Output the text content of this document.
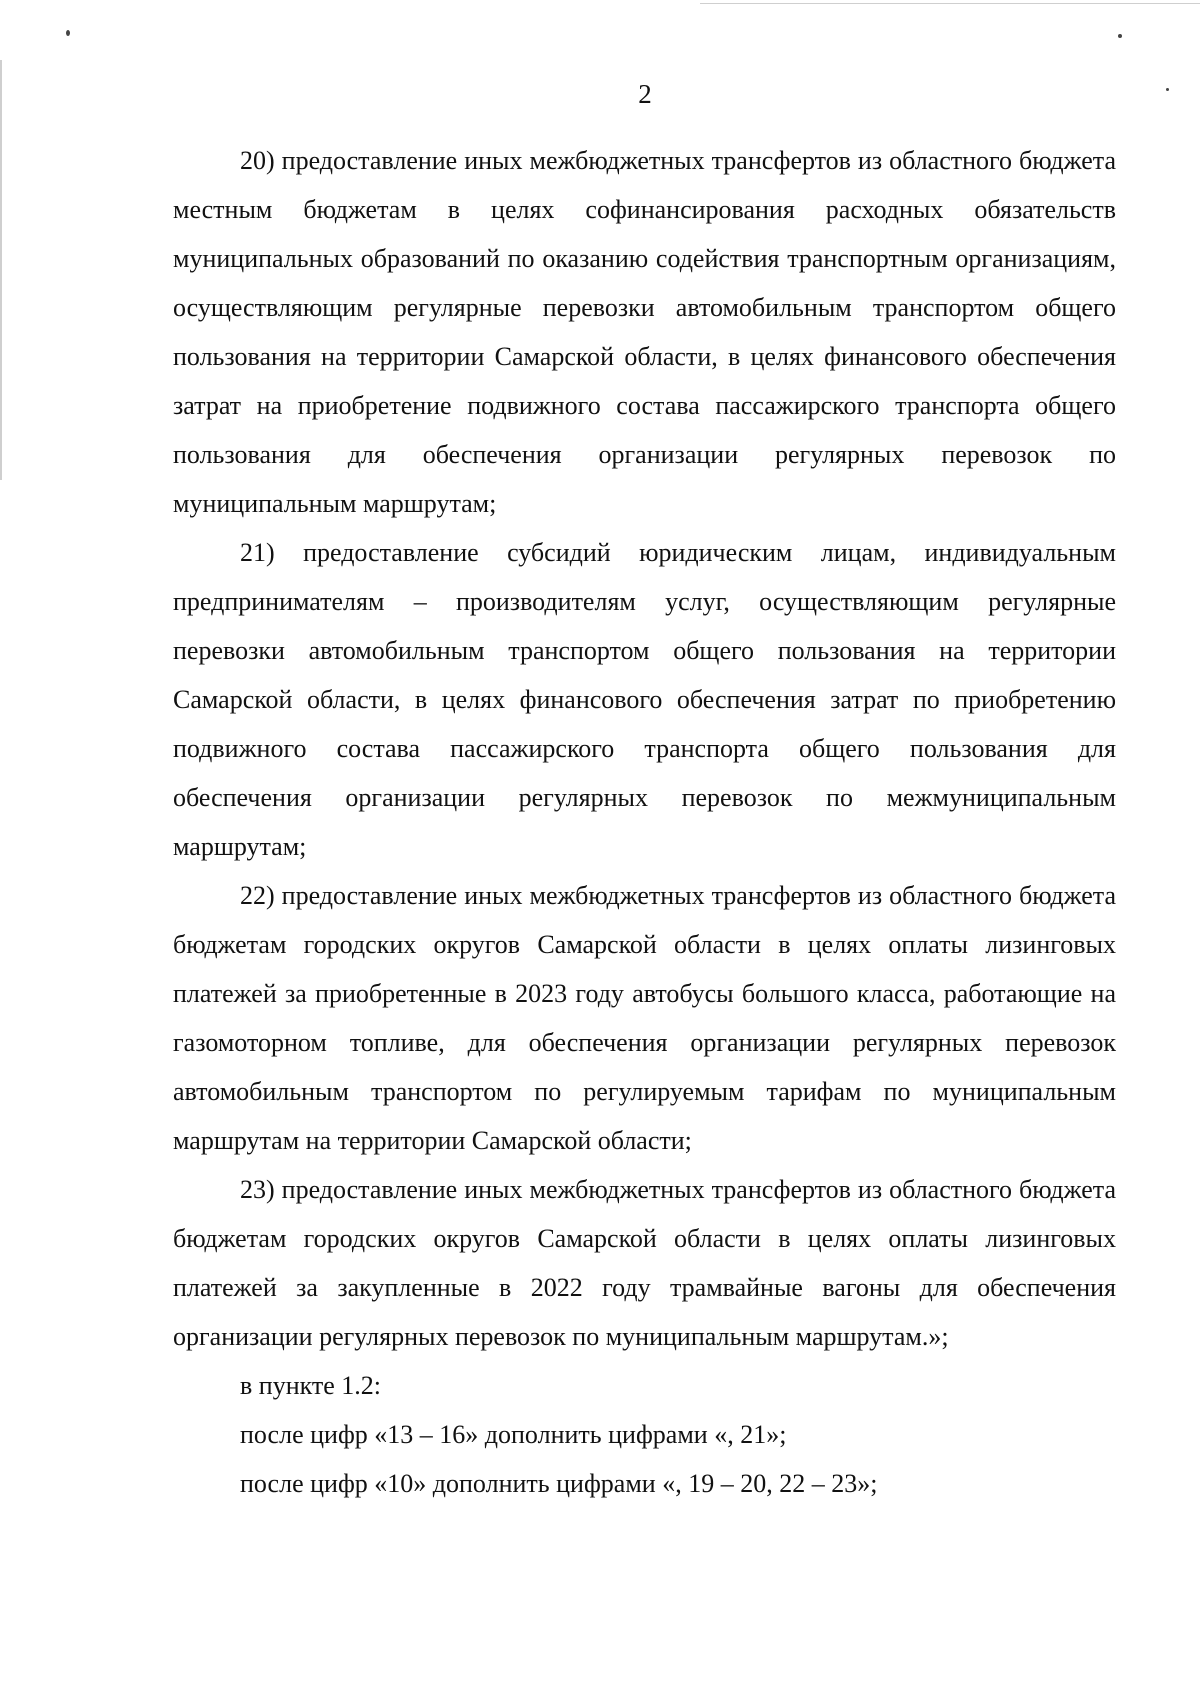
2

20) предоставление иных межбюджетных трансфертов из областного бюджета местным бюджетам в целях софинансирования расходных обязательств муниципальных образований по оказанию содействия транспортным организациям, осуществляющим регулярные перевозки автомобильным транспортом общего пользования на территории Самарской области, в целях финансового обеспечения затрат на приобретение подвижного состава пассажирского транспорта общего пользования для обеспечения организации регулярных перевозок по муниципальным маршрутам;

21) предоставление субсидий юридическим лицам, индивидуальным предпринимателям – производителям услуг, осуществляющим регулярные перевозки автомобильным транспортом общего пользования на территории Самарской области, в целях финансового обеспечения затрат по приобретению подвижного состава пассажирского транспорта общего пользования для обеспечения организации регулярных перевозок по межмуниципальным маршрутам;

22) предоставление иных межбюджетных трансфертов из областного бюджета бюджетам городских округов Самарской области в целях оплаты лизинговых платежей за приобретенные в 2023 году автобусы большого класса, работающие на газомоторном топливе, для обеспечения организации регулярных перевозок автомобильным транспортом по регулируемым тарифам по муниципальным маршрутам на территории Самарской области;

23) предоставление иных межбюджетных трансфертов из областного бюджета бюджетам городских округов Самарской области в целях оплаты лизинговых платежей за закупленные в 2022 году трамвайные вагоны для обеспечения организации регулярных перевозок по муниципальным маршрутам.»;

в пункте 1.2:

после цифр «13 – 16» дополнить цифрами «, 21»;

после цифр «10» дополнить цифрами «, 19 – 20, 22 – 23»;
